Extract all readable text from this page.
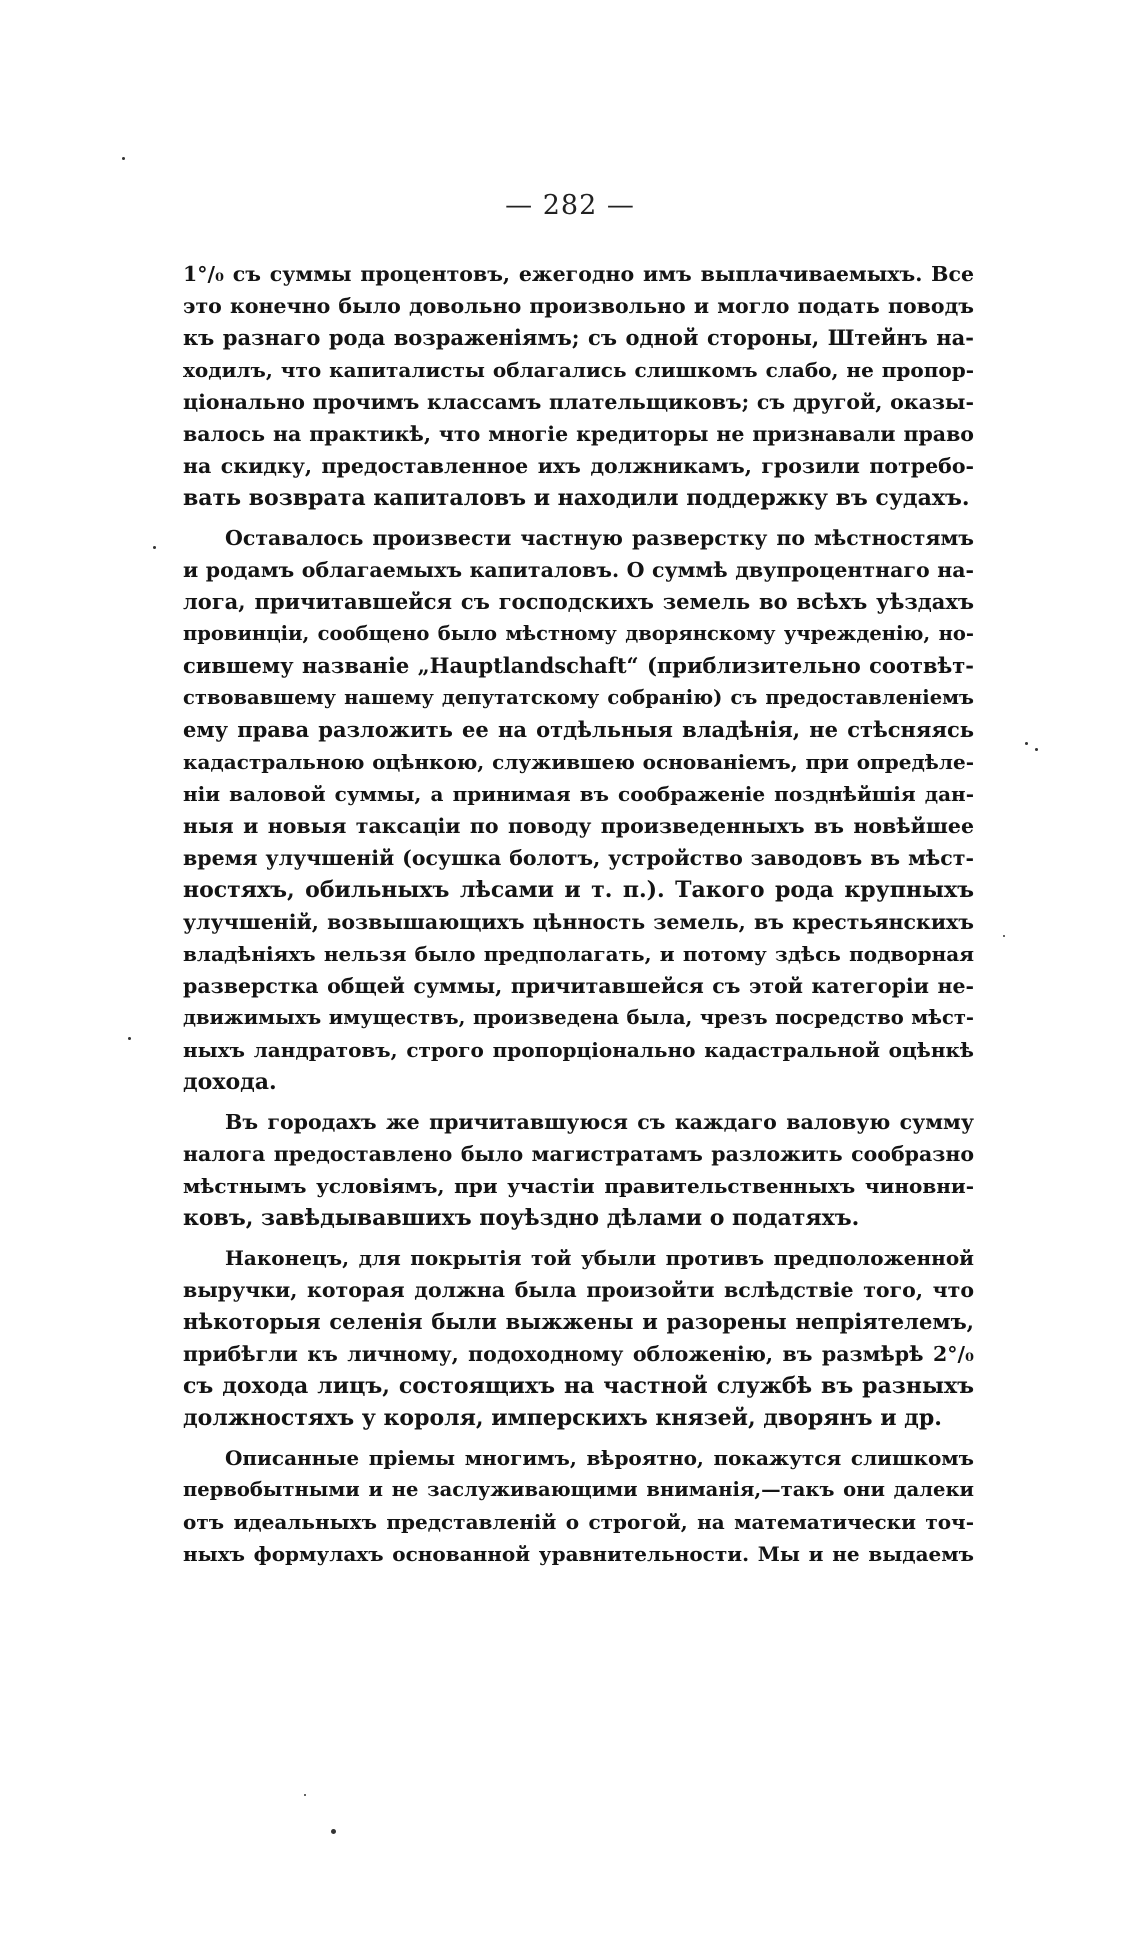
— 282 —
1°/₀ съ суммы процентовъ, ежегодно имъ выплачиваемыхъ. Все
это конечно было довольно произвольно и могло подать поводъ
къ разнаго рода возраженіямъ; съ одной стороны, Штейнъ на-
ходилъ, что капиталисты облагались слишкомъ слабо, не пропор-
ціонально прочимъ классамъ плательщиковъ; съ другой, оказы-
валось на практикѣ, что многіе кредиторы не признавали право
на скидку, предоставленное ихъ должникамъ, грозили потребо-
вать возврата капиталовъ и находили поддержку въ судахъ.
Оставалось произвести частную разверстку по мѣстностямъ
и родамъ облагаемыхъ капиталовъ. О суммѣ двупроцентнаго на-
лога, причитавшейся съ господскихъ земель во всѣхъ уѣздахъ
провинціи, сообщено было мѣстному дворянскому учрежденію, но-
сившему названіе „Hauptlandschaft“ (приблизительно соотвѣт-
ствовавшему нашему депутатскому собранію) съ предоставленіемъ
ему права разложить ее на отдѣльныя владѣнія, не стѣсняясь
кадастральною оцѣнкою, служившею основаніемъ, при опредѣле-
ніи валовой суммы, а принимая въ соображеніе позднѣйшія дан-
ныя и новыя таксаціи по поводу произведенныхъ въ новѣйшее
время улучшеній (осушка болотъ, устройство заводовъ въ мѣст-
ностяхъ, обильныхъ лѣсами и т. п.). Такого рода крупныхъ
улучшеній, возвышающихъ цѣнность земель, въ крестьянскихъ
владѣніяхъ нельзя было предполагать, и потому здѣсь подворная
разверстка общей суммы, причитавшейся съ этой категоріи не-
движимыхъ имуществъ, произведена была, чрезъ посредство мѣст-
ныхъ ландратовъ, строго пропорціонально кадастральной оцѣнкѣ
дохода.
Въ городахъ же причитавшуюся съ каждаго валовую сумму
налога предоставлено было магистратамъ разложить сообразно
мѣстнымъ условіямъ, при участіи правительственныхъ чиновни-
ковъ, завѣдывавшихъ поуѣздно дѣлами о податяхъ.
Наконецъ, для покрытія той убыли противъ предположенной
выручки, которая должна была произойти вслѣдствіе того, что
нѣкоторыя селенія были выжжены и разорены непріятелемъ,
прибѣгли къ личному, подоходному обложенію, въ размѣрѣ 2°/₀
съ дохода лицъ, состоящихъ на частной службѣ въ разныхъ
должностяхъ у короля, имперскихъ князей, дворянъ и др.
Описанные пріемы многимъ, вѣроятно, покажутся слишкомъ
первобытными и не заслуживающими вниманія,—такъ они далеки
отъ идеальныхъ представленій о строгой, на математически точ-
ныхъ формулахъ основанной уравнительности. Мы и не выдаемъ
